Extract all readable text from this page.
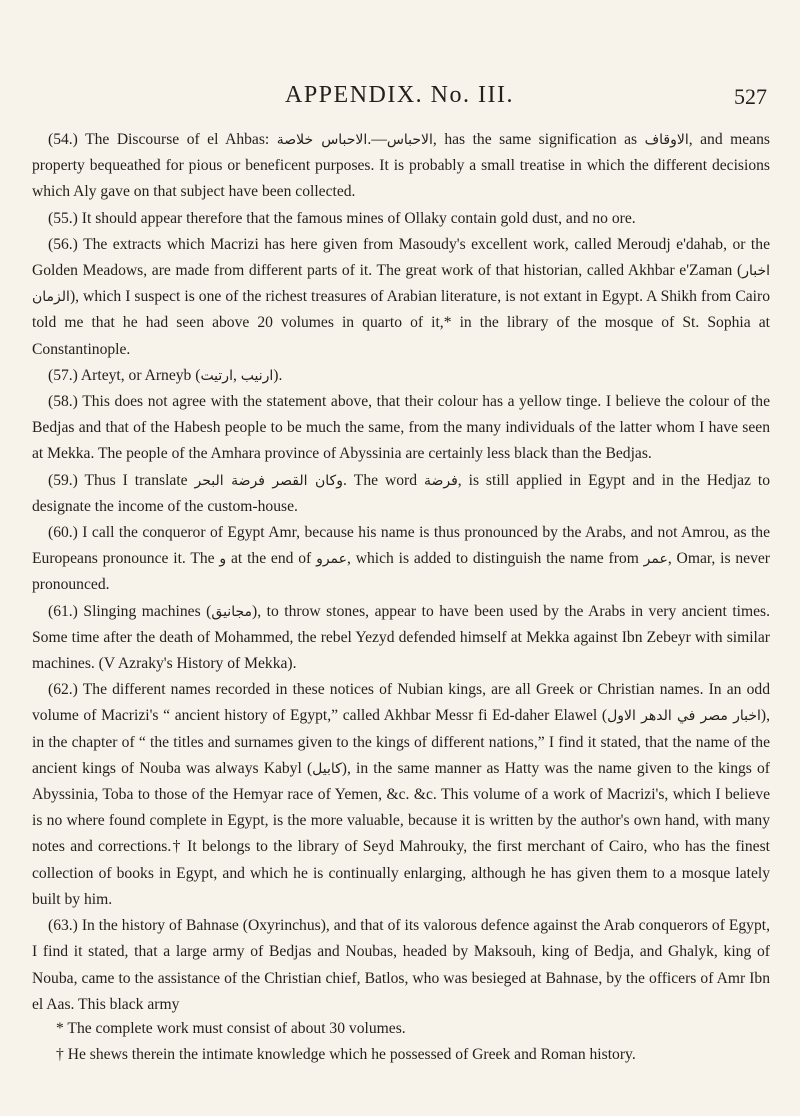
APPENDIX. No. III.	527

(54.) The Discourse of el Ahbas: الاحباس خلاصة.—الاحباس, has the same signification as الاوقاف, and means property bequeathed for pious or beneficent purposes. It is probably a small treatise in which the different decisions which Aly gave on that subject have been collected.

(55.) It should appear therefore that the famous mines of Ollaky contain gold dust, and no ore.

(56.) The extracts which Macrizi has here given from Masoudy's excellent work, called Meroudj e'dahab, or the Golden Meadows, are made from different parts of it. The great work of that historian, called Akhbar e'Zaman (اخبار الزمان), which I suspect is one of the richest treasures of Arabian literature, is not extant in Egypt. A Shikh from Cairo told me that he had seen above 20 volumes in quarto of it,* in the library of the mosque of St. Sophia at Constantinople.

(57.) Arteyt, or Arneyb (ارتيت, ارنيب).

(58.) This does not agree with the statement above, that their colour has a yellow tinge. I believe the colour of the Bedjas and that of the Habesh people to be much the same, from the many individuals of the latter whom I have seen at Mekka. The people of the Amhara province of Abyssinia are certainly less black than the Bedjas.

(59.) Thus I translate وكان القصر فرضة البحر. The word فرضة, is still applied in Egypt and in the Hedjaz to designate the income of the custom-house.

(60.) I call the conqueror of Egypt Amr, because his name is thus pronounced by the Arabs, and not Amrou, as the Europeans pronounce it. The و at the end of عمرو, which is added to distinguish the name from عمر, Omar, is never pronounced.

(61.) Slinging machines (مجانيق), to throw stones, appear to have been used by the Arabs in very ancient times. Some time after the death of Mohammed, the rebel Yezyd defended himself at Mekka against Ibn Zebeyr with similar machines. (V Azraky's History of Mekka).

(62.) The different names recorded in these notices of Nubian kings, are all Greek or Christian names. In an odd volume of Macrizi's “ ancient history of Egypt,” called Akhbar Messr fi Ed-daher Elawel (اخبار مصر في الدهر الاول), in the chapter of “ the titles and surnames given to the kings of different nations,” I find it stated, that the name of the ancient kings of Nouba was always Kabyl (كابيل), in the same manner as Hatty was the name given to the kings of Abyssinia, Toba to those of the Hemyar race of Yemen, &c. &c. This volume of a work of Macrizi's, which I believe is no where found complete in Egypt, is the more valuable, because it is written by the author's own hand, with many notes and corrections.† It belongs to the library of Seyd Mahrouky, the first merchant of Cairo, who has the finest collection of books in Egypt, and which he is continually enlarging, although he has given them to a mosque lately built by him.

(63.) In the history of Bahnase (Oxyrinchus), and that of its valorous defence against the Arab conquerors of Egypt, I find it stated, that a large army of Bedjas and Noubas, headed by Maksouh, king of Bedja, and Ghalyk, king of Nouba, came to the assistance of the Christian chief, Batlos, who was besieged at Bahnase, by the officers of Amr Ibn el Aas. This black army

* The complete work must consist of about 30 volumes.

† He shews therein the intimate knowledge which he possessed of Greek and Roman history.
